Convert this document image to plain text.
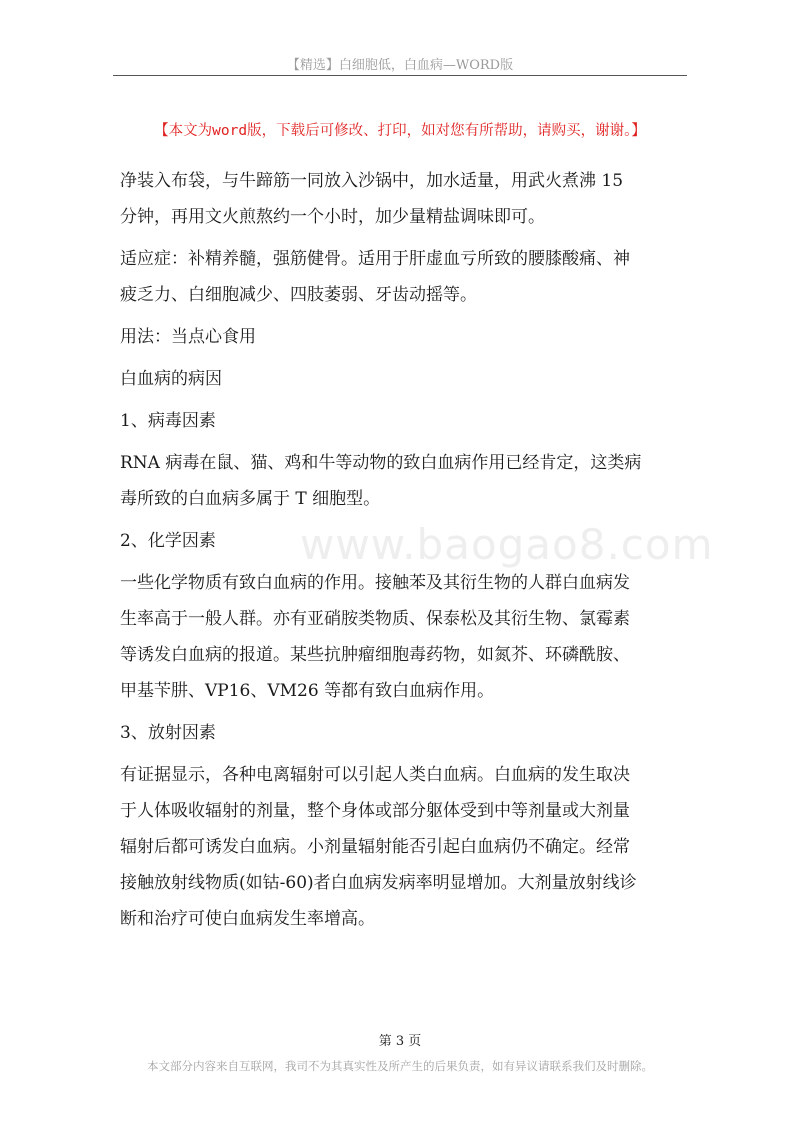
【精选】白细胞低，白血病—WORD版
【本文为word版，下载后可修改、打印，如对您有所帮助，请购买，谢谢。】
www.baogao8.com
净装入布袋，与牛蹄筋一同放入沙锅中，加水适量，用武火煮沸 15
分钟，再用文火煎熬约一个小时，加少量精盐调味即可。
适应症：补精养髓，强筋健骨。适用于肝虚血亏所致的腰膝酸痛、神
疲乏力、白细胞减少、四肢萎弱、牙齿动摇等。
用法：当点心食用
白血病的病因
1、病毒因素
RNA 病毒在鼠、猫、鸡和牛等动物的致白血病作用已经肯定，这类病
毒所致的白血病多属于 T 细胞型。
2、化学因素
一些化学物质有致白血病的作用。接触苯及其衍生物的人群白血病发
生率高于一般人群。亦有亚硝胺类物质、保泰松及其衍生物、氯霉素
等诱发白血病的报道。某些抗肿瘤细胞毒药物，如氮芥、环磷酰胺、
甲基苄肼、VP16、VM26 等都有致白血病作用。
3、放射因素
有证据显示，各种电离辐射可以引起人类白血病。白血病的发生取决
于人体吸收辐射的剂量，整个身体或部分躯体受到中等剂量或大剂量
辐射后都可诱发白血病。小剂量辐射能否引起白血病仍不确定。经常
接触放射线物质(如钴-60)者白血病发病率明显增加。大剂量放射线诊
断和治疗可使白血病发生率增高。
第 3 页
本文部分内容来自互联网，我司不为其真实性及所产生的后果负责，如有异议请联系我们及时删除。
